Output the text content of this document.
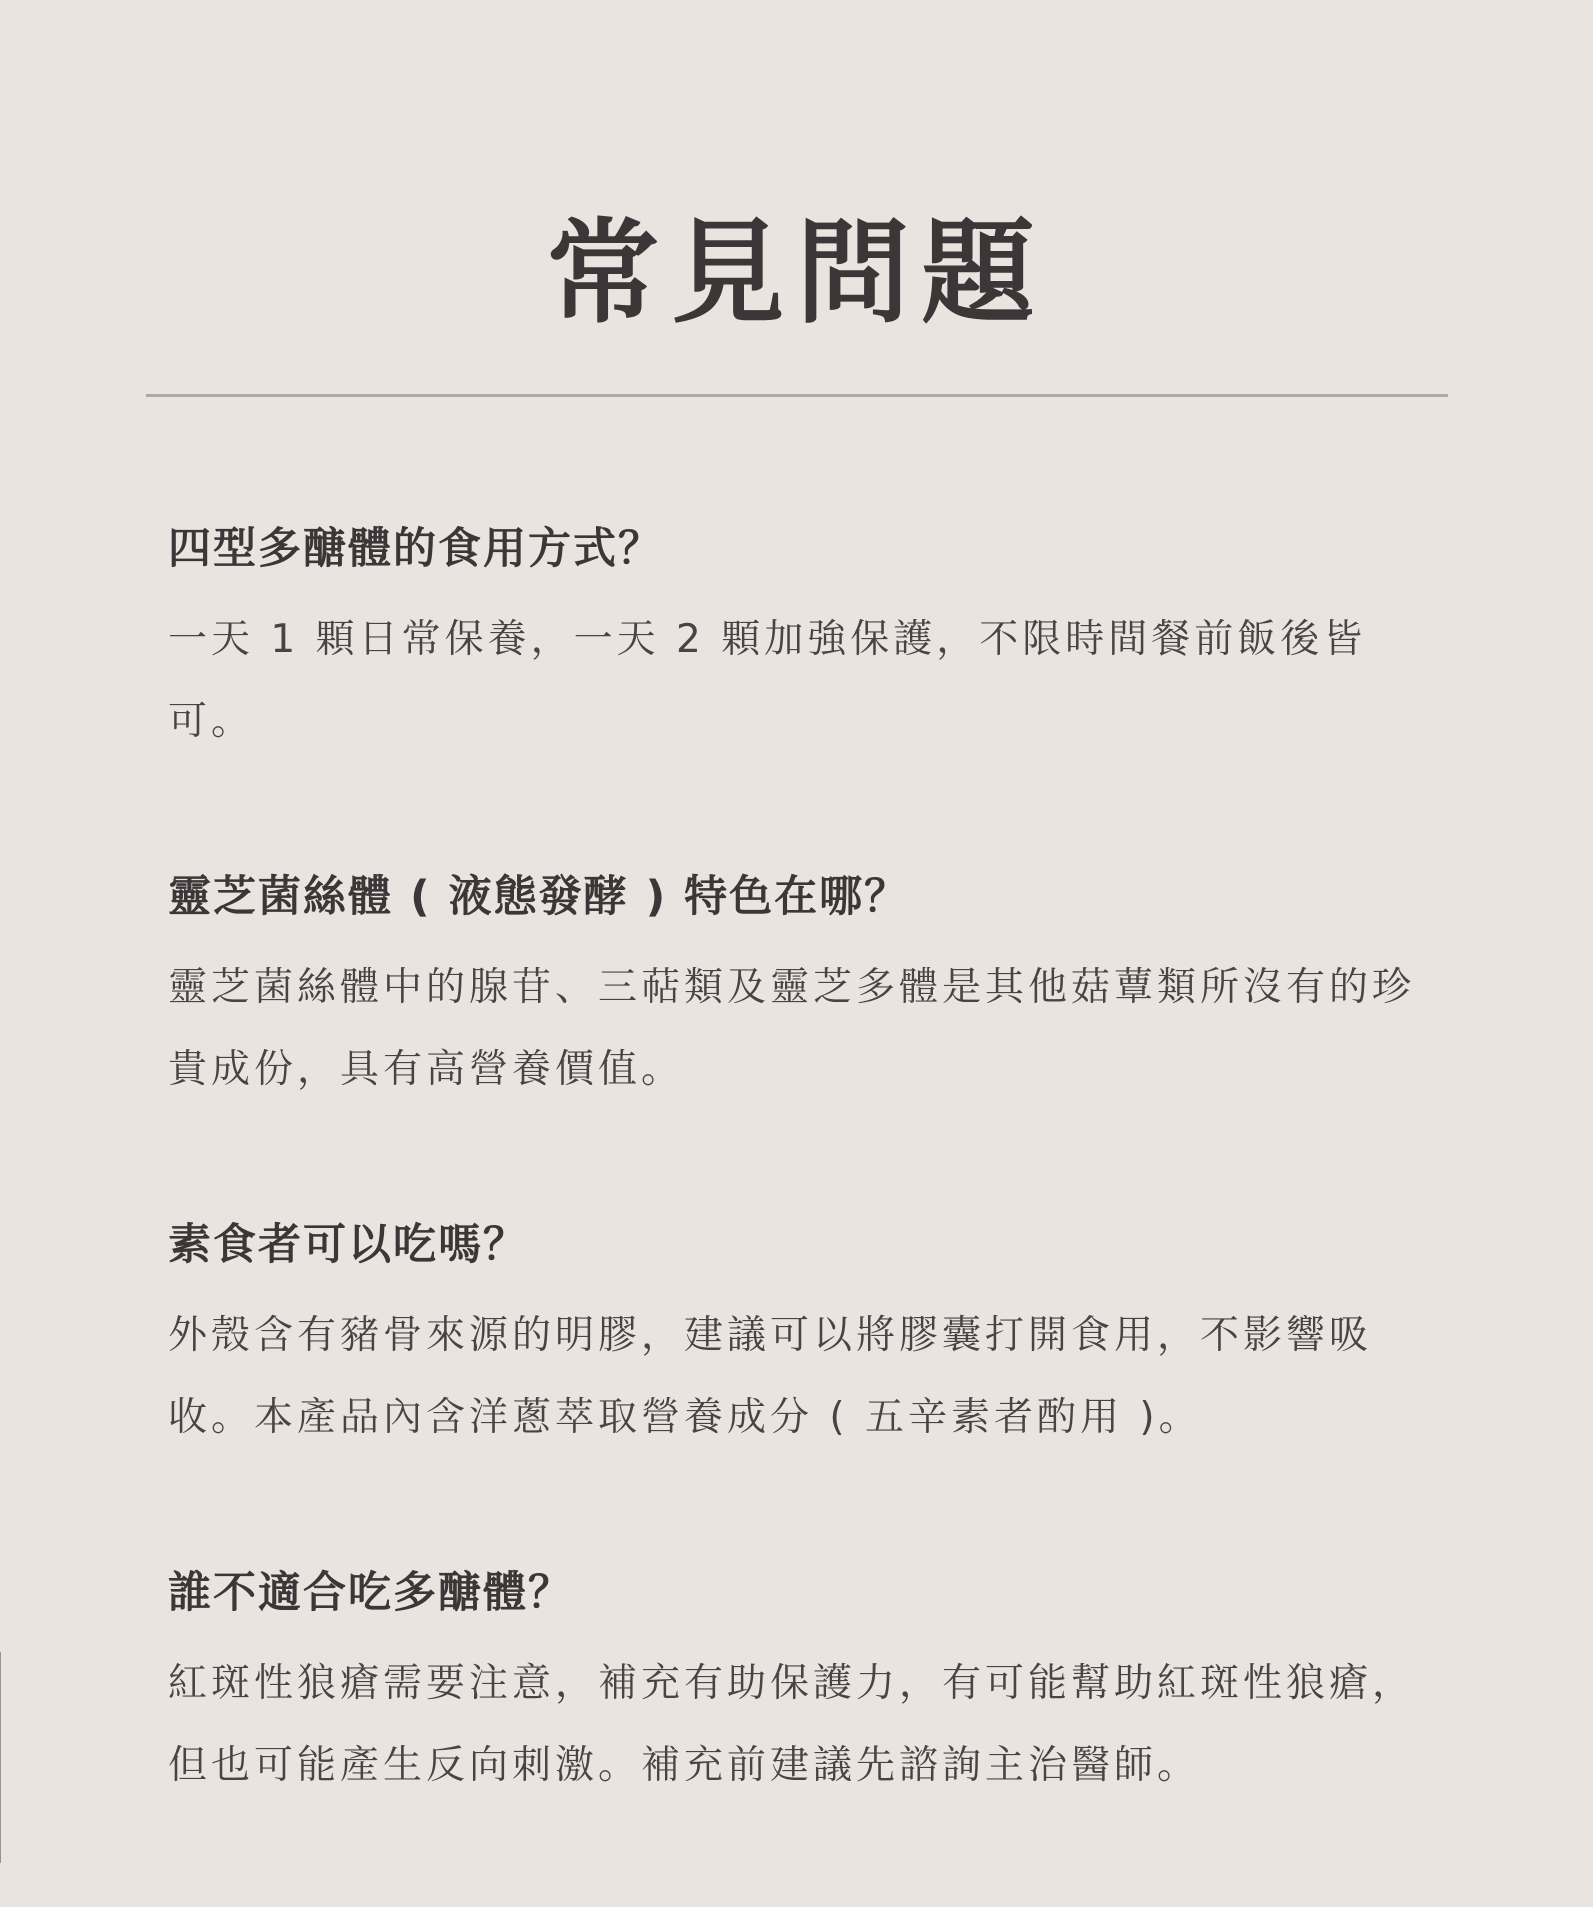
常見問題
四型多醣體的食用方式？

一天 1 顆日常保養，一天 2 顆加強保護，不限時間餐前飯後皆可。

靈芝菌絲體 ( 液態發酵 ) 特色在哪？

靈芝菌絲體中的腺苷、三萜類及靈芝多體是其他菇蕈類所沒有的珍貴成份，具有高營養價值。

素食者可以吃嗎？

外殼含有豬骨來源的明膠，建議可以將膠囊打開食用，不影響吸收。本產品內含洋蔥萃取營養成分 ( 五辛素者酌用 )。

誰不適合吃多醣體？

紅斑性狼瘡需要注意，補充有助保護力，有可能幫助紅斑性狼瘡，但也可能產生反向刺激。補充前建議先諮詢主治醫師。
